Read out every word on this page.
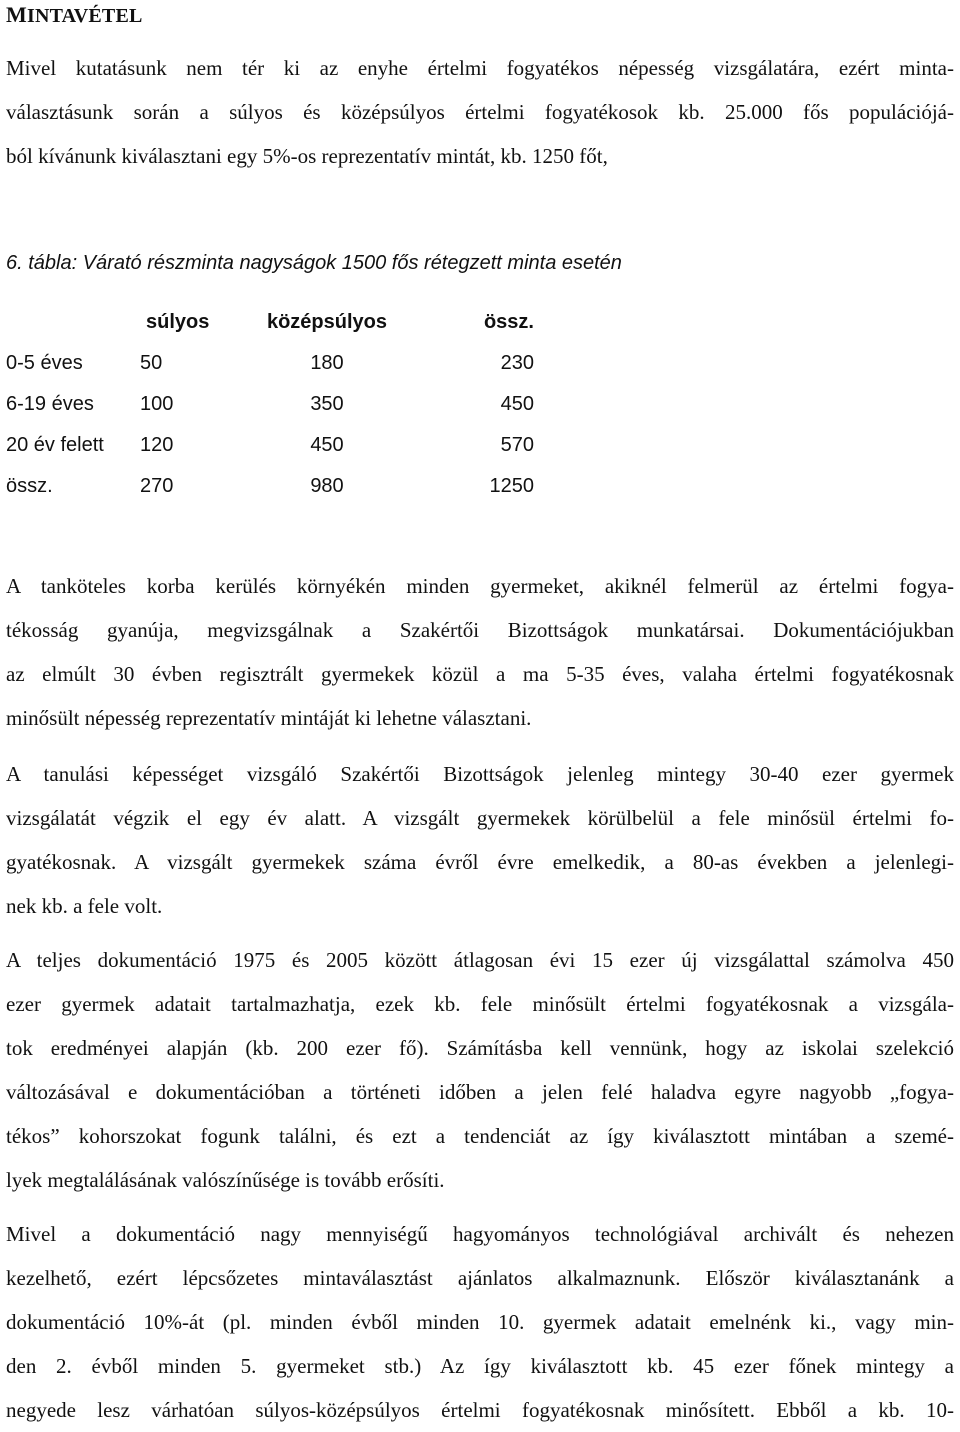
MINTAVÉTEL
Mivel kutatásunk nem tér ki az enyhe értelmi fogyatékos népesség vizsgálatára, ezért minta-
választásunk során a súlyos és középsúlyos értelmi fogyatékosok kb. 25.000 fős populációjá-
ból kívánunk kiválasztani egy 5%-os reprezentatív mintát, kb. 1250 főt,
6. tábla: Várató részminta nagyságok 1500 fős rétegzett minta esetén
	súlyos	középsúlyos	össz.
0-5 éves	50	180	230
6-19 éves	100	350	450
20 év felett	120	450	570
össz.	270	980	1250
A tanköteles korba kerülés környékén minden gyermeket, akiknél felmerül az értelmi fogya-
tékosság gyanúja, megvizsgálnak a Szakértői Bizottságok munkatársai. Dokumentációjukban
az elmúlt 30 évben regisztrált gyermekek közül a ma 5-35 éves, valaha értelmi fogyatékosnak
minősült népesség reprezentatív mintáját ki lehetne választani.
A tanulási képességet vizsgáló Szakértői Bizottságok jelenleg mintegy 30-40 ezer gyermek
vizsgálatát végzik el egy év alatt. A vizsgált gyermekek körülbelül a fele minősül értelmi fo-
gyatékosnak. A vizsgált gyermekek száma évről évre emelkedik, a 80-as években a jelenlegi-
nek kb. a fele volt.
A teljes dokumentáció 1975 és 2005 között átlagosan évi 15 ezer új vizsgálattal számolva 450
ezer gyermek adatait tartalmazhatja, ezek kb. fele minősült értelmi fogyatékosnak a vizsgála-
tok eredményei alapján (kb. 200 ezer fő). Számításba kell vennünk, hogy az iskolai szelekció
változásával e dokumentációban a történeti időben a jelen felé haladva egyre nagyobb „fogya-
tékos” kohorszokat fogunk találni, és ezt a tendenciát az így kiválasztott mintában a szemé-
lyek megtalálásának valószínűsége is tovább erősíti.
Mivel a dokumentáció nagy mennyiségű hagyományos technológiával archivált és nehezen
kezelhető, ezért lépcsőzetes mintaválasztást ajánlatos alkalmaznunk. Először kiválasztanánk a
dokumentáció 10%-át (pl. minden évből minden 10. gyermek adatait emelnénk ki., vagy min-
den 2. évből minden 5. gyermeket stb.) Az így kiválasztott kb. 45 ezer főnek mintegy a
negyede lesz várhatóan súlyos-középsúlyos értelmi fogyatékosnak minősített. Ebből a kb. 10-
